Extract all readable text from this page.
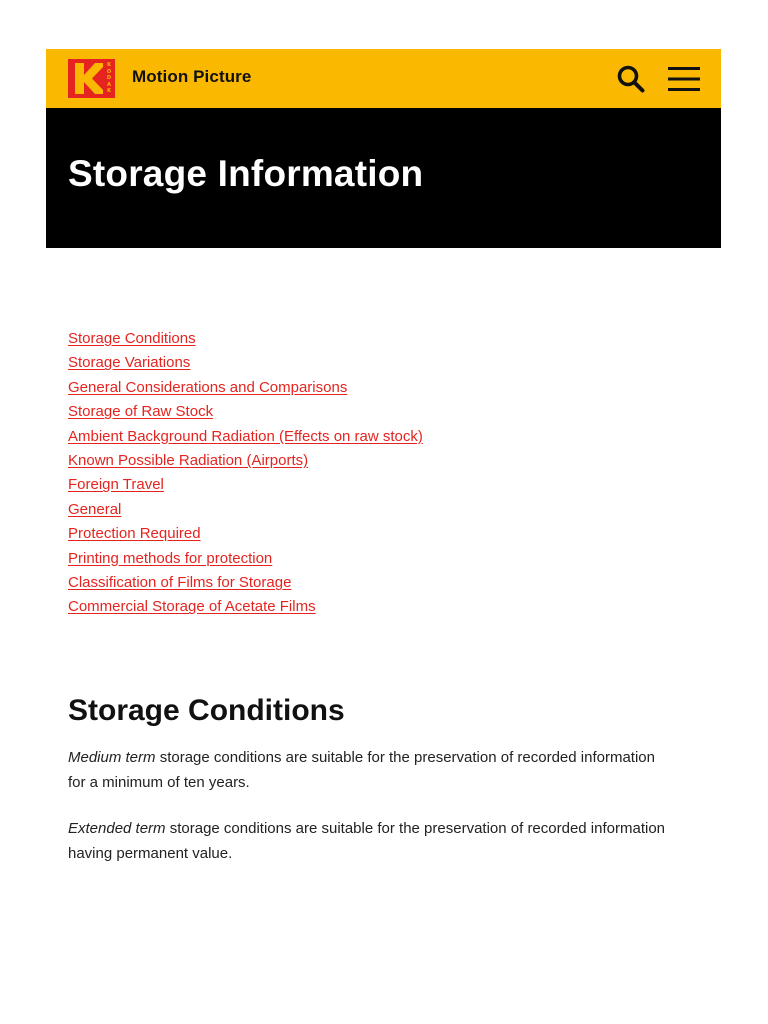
KODAK
Motion Picture
Storage Information
Storage Conditions
Storage Variations
General Considerations and Comparisons
Storage of Raw Stock
Ambient Background Radiation (Effects on raw stock)
Known Possible Radiation (Airports)
Foreign Travel
General
Protection Required
Printing methods for protection
Classification of Films for Storage
Commercial Storage of Acetate Films
Storage Conditions

Medium term storage conditions are suitable for the preservation of recorded information for a minimum of ten years.

Extended term storage conditions are suitable for the preservation of recorded information having permanent value.
